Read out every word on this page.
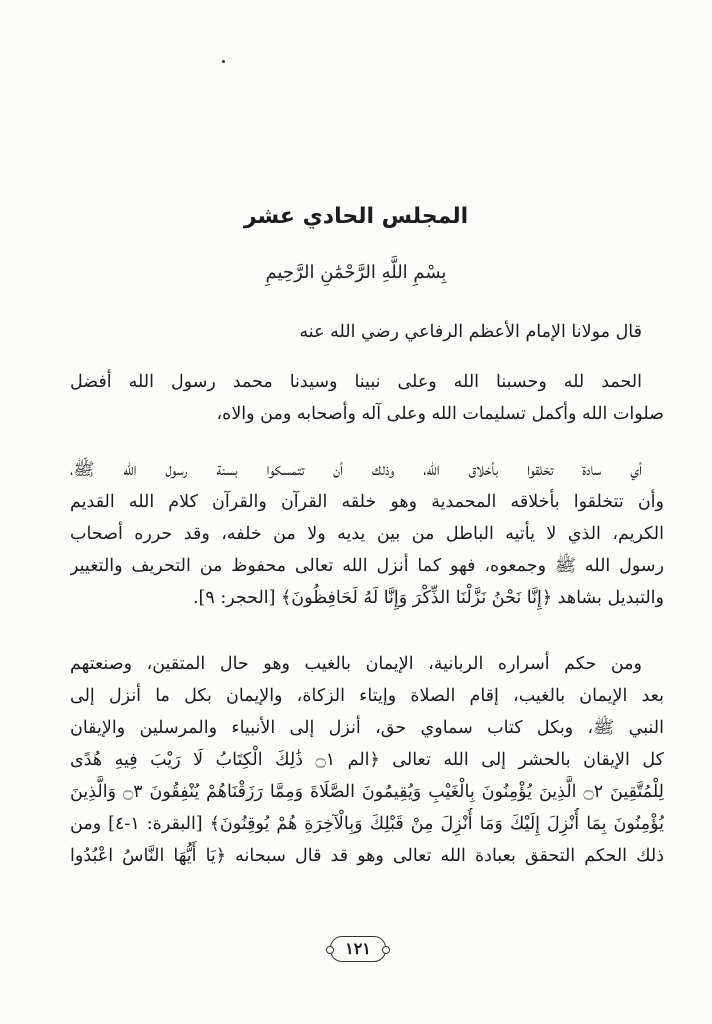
المجلس الحادي عشر
بِسْمِ اللَّهِ الرَّحْمَٰنِ الرَّحِيمِ
قال مولانا الإمام الأعظم الرفاعي رضي الله عنه
الحمد لله وحسبنا الله وعلى نبينا وسيدنا محمد رسول الله أفضل
صلوات الله وأكمل تسليمات الله وعلى آله وأصحابه ومن والاه،
أي سادة تخلقوا بأخلاق الله، وذلك أن تتمسكوا بسنة رسول الله ﷺ،
وأن تتخلقوا بأخلاقه المحمدية وهو خلقه القرآن والقرآن كلام الله القديم
الكريم، الذي لا يأتيه الباطل من بين يديه ولا من خلفه، وقد حرره أصحاب
رسول الله ﷺ وجمعوه، فهو كما أنزل الله تعالى محفوظ من التحريف والتغيير
والتبديل بشاهد ﴿إِنَّا نَحْنُ نَزَّلْنَا الذِّكْرَ وَإِنَّا لَهُ لَحَافِظُونَ﴾ [الحجر: ٩].
ومن حكم أسراره الربانية، الإيمان بالغيب وهو حال المتقين، وصنعتهم
بعد الإيمان بالغيب، إقام الصلاة وإيتاء الزكاة، والإيمان بكل ما أنزل إلى
النبي ﷺ، وبكل كتاب سماوي حق، أنزل إلى الأنبياء والمرسلين والإيقان
كل الإيقان بالحشر إلى الله تعالى ﴿الم ۝١ ذَٰلِكَ الْكِتَابُ لَا رَيْبَ فِيهِ هُدًى
لِلْمُتَّقِينَ ۝٢ الَّذِينَ يُؤْمِنُونَ بِالْغَيْبِ وَيُقِيمُونَ الصَّلَاةَ وَمِمَّا رَزَقْنَاهُمْ يُنْفِقُونَ ۝٣ وَالَّذِينَ
يُؤْمِنُونَ بِمَا أُنْزِلَ إِلَيْكَ وَمَا أُنْزِلَ مِنْ قَبْلِكَ وَبِالْآخِرَةِ هُمْ يُوقِنُونَ﴾ [البقرة: ١-٤] ومن
ذلك الحكم التحقق بعبادة الله تعالى وهو قد قال سبحانه ﴿يَا أَيُّهَا النَّاسُ اعْبُدُوا
١٢١
